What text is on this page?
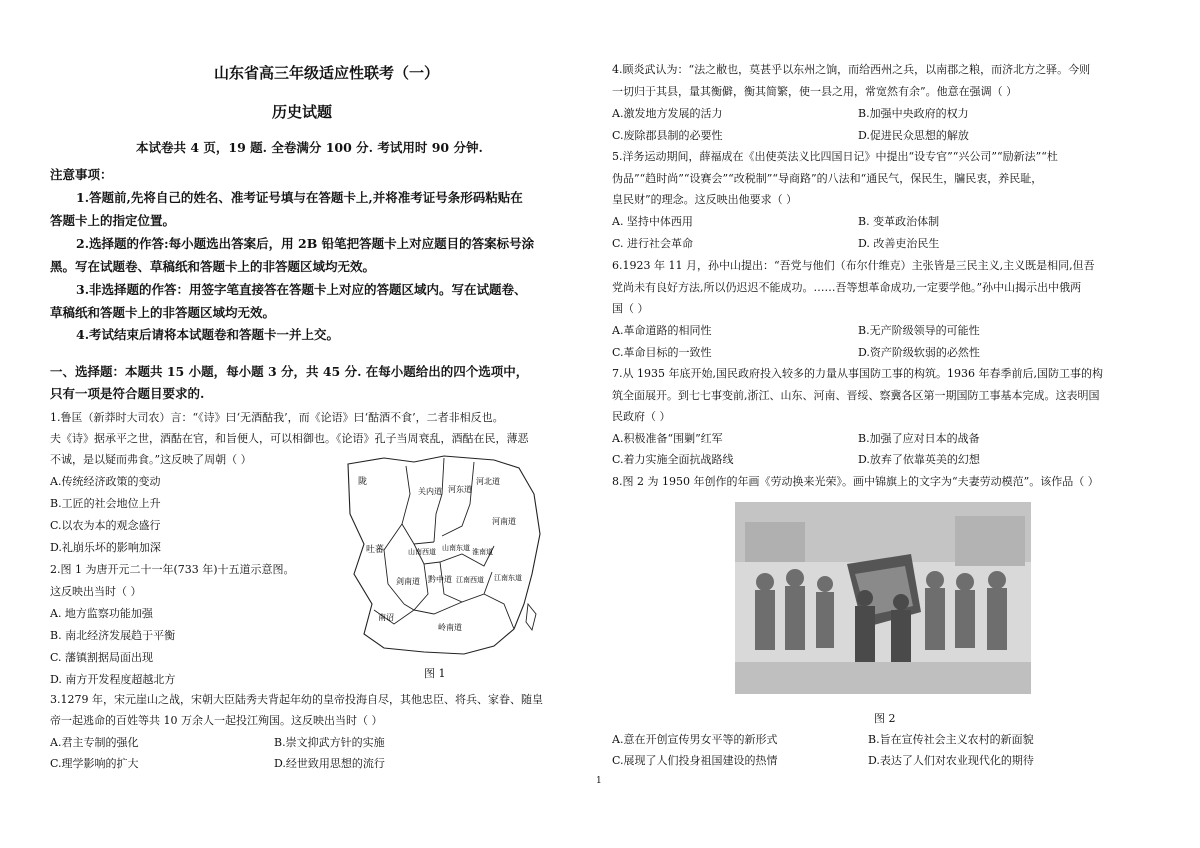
山东省高三年级适应性联考（一）
历史试题
本试卷共 4 页，19 题. 全卷满分 100 分. 考试用时 90 分钟.
注意事项：
1.答题前,先将自己的姓名、准考证号填与在答题卡上,并将准考证号条形码粘贴在
答题卡上的指定位置。
2.选择题的作答:每小题选出答案后，用 2B 铅笔把答题卡上对应题目的答案标号涂
黑。写在试题卷、草稿纸和答题卡上的非答题区域均无效。
3.非选择题的作答：用签字笔直接答在答题卡上对应的答题区域内。写在试题卷、
草稿纸和答题卡上的非答题区域均无效。
4.考试结束后请将本试题卷和答题卡一并上交。
一、选择题：本题共 15 小题，每小题 3 分，共 45 分. 在每小题给出的四个选项中，
只有一项是符合题目要求的.
1.鲁匡（新莽时大司农）言：“《诗》曰‘无酒酤我’，而《论语》曰‘酤酒不食’，二者非相反也。
夫《诗》据承平之世，酒酤在官，和旨便人，可以相御也。《论语》孔子当周衰乱，酒酤在民，薄恶
不诚，是以疑而弗食。”这反映了周朝（ ）
A.传统经济政策的变动
B.工匠的社会地位上升
C.以农为本的观念盛行
D.礼崩乐坏的影响加深
2.图 1 为唐开元二十一年(733 年)十五道示意图。
这反映出当时（ ）
A. 地方监察功能加强
B. 南北经济发展趋于平衡
C. 藩镇割据局面出现
D. 南方开发程度超越北方
陇
关内道 河东道
河北道
河南道
吐蕃	山南西道 山南东道 淮南道
剑南道 黔中道 江南西道 江南东道
南诏
岭南道
图 1
3.1279 年，宋元崖山之战，宋朝大臣陆秀夫背起年幼的皇帝投海自尽，其他忠臣、将兵、家眷、随皇
帝一起逃命的百姓等共 10 万余人一起投江殉国。这反映出当时（ ）
A.君主专制的强化	B.崇文抑武方针的实施
C.理学影响的扩大	D.经世致用思想的流行
4.顾炎武认为：“法之敝也，莫甚乎以东州之饷，而给西州之兵，以南郡之粮，而济北方之驿。今则
一切归于其县，量其衡僻，衡其简繁，使一县之用，常宽然有余”。他意在强调（ ）
A.激发地方发展的活力	B.加强中央政府的权力
C.废除郡县制的必要性	D.促进民众思想的解放
5.洋务运动期间，薛福成在《出使英法义比四国日记》中提出“设专官”“兴公司”“励新法”“杜
伪品”“趋时尚”“设赛会”“改税制”“导商路”的八法和“通民气，保民生，牖民衷，养民耻，
皇民财”的理念。这反映出他要求（ ）
A. 坚持中体西用	B. 变革政治体制
C. 进行社会革命	D. 改善吏治民生
6.1923 年 11 月，孙中山提出：“吾党与他们（布尔什维克）主张皆是三民主义,主义既是相同,但吾
党尚未有良好方法,所以仍迟迟不能成功。……吾等想革命成功,一定要学他。”孙中山揭示出中俄两
国（ ）
A.革命道路的相同性	B.无产阶级领导的可能性
C.革命目标的一致性	D.资产阶级软弱的必然性
7.从 1935 年底开始,国民政府投入较多的力量从事国防工事的构筑。1936 年春季前后,国防工事的构
筑全面展开。到七七事变前,浙江、山东、河南、晋绥、察冀各区第一期国防工事基本完成。这表明国
民政府（ ）
A.积极准备“围剿”红军	B.加强了应对日本的战备
C.着力实施全面抗战路线	D.放弃了依靠英美的幻想
8.图 2 为 1950 年创作的年画《劳动换来光荣》。画中锦旗上的文字为“夫妻劳动模范”。该作品（ ）
图 2
A.意在开创宣传男女平等的新形式	B.旨在宣传社会主义农村的新面貌
C.展现了人们投身祖国建设的热情	D.表达了人们对农业现代化的期待
1
